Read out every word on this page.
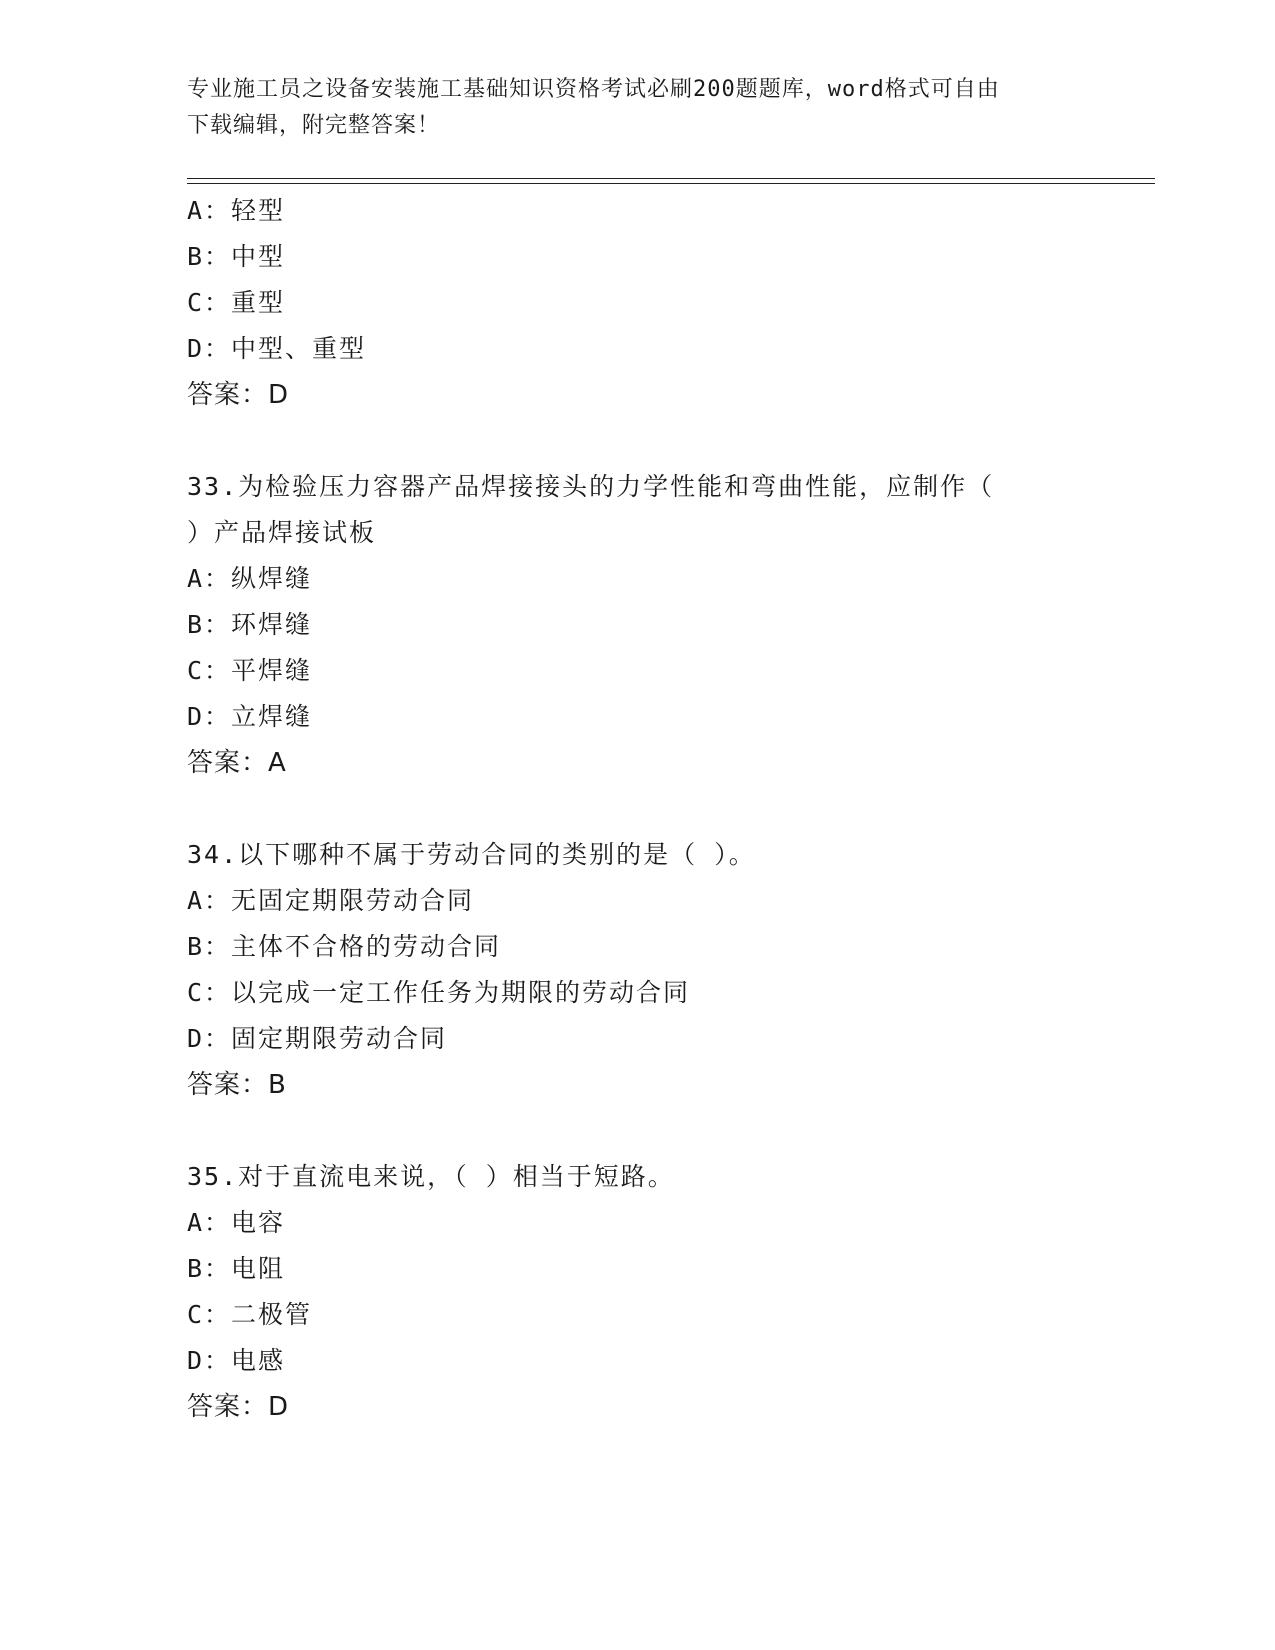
专业施工员之设备安装施工基础知识资格考试必刷200题题库，word格式可自由
下载编辑，附完整答案！
A：轻型
B：中型
C：重型
D：中型、重型
答案：D
33.为检验压力容器产品焊接接头的力学性能和弯曲性能，应制作（
）产品焊接试板
A：纵焊缝
B：环焊缝
C：平焊缝
D：立焊缝
答案：A
34.以下哪种不属于劳动合同的类别的是（ ）。
A：无固定期限劳动合同
B：主体不合格的劳动合同
C：以完成一定工作任务为期限的劳动合同
D：固定期限劳动合同
答案：B
35.对于直流电来说，（ ）相当于短路。
A：电容
B：电阻
C：二极管
D：电感
答案：D
